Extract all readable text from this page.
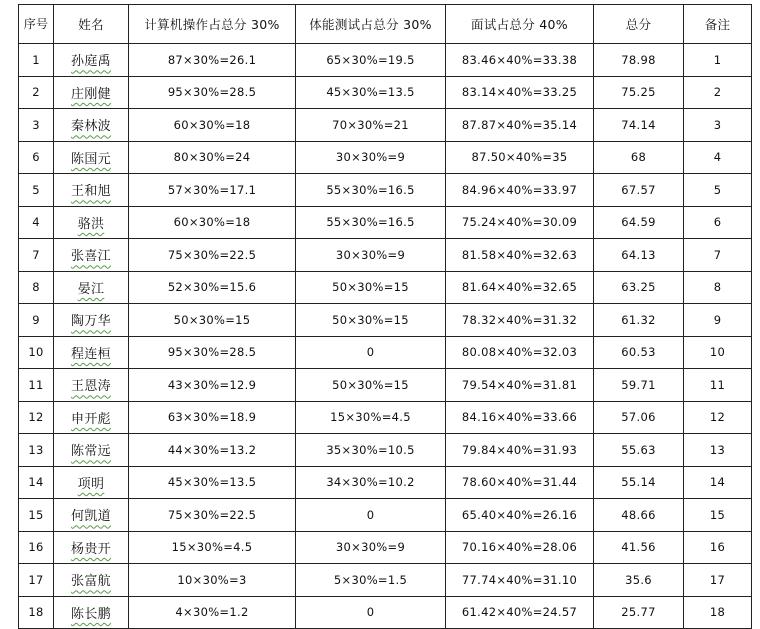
序号	姓名	计算机操作占总分 30%	体能测试占总分 30%	面试占总分 40%	总分	备注
1	孙庭禹	87×30%=26.1	65×30%=19.5	83.46×40%=33.38	78.98	1
2	庄刚健	95×30%=28.5	45×30%=13.5	83.14×40%=33.25	75.25	2
3	秦林波	60×30%=18	70×30%=21	87.87×40%=35.14	74.14	3
6	陈国元	80×30%=24	30×30%=9	87.50×40%=35	68	4
5	王和旭	57×30%=17.1	55×30%=16.5	84.96×40%=33.97	67.57	5
4	骆洪	60×30%=18	55×30%=16.5	75.24×40%=30.09	64.59	6
7	张喜江	75×30%=22.5	30×30%=9	81.58×40%=32.63	64.13	7
8	晏江	52×30%=15.6	50×30%=15	81.64×40%=32.65	63.25	8
9	陶万华	50×30%=15	50×30%=15	78.32×40%=31.32	61.32	9
10	程连桓	95×30%=28.5	0	80.08×40%=32.03	60.53	10
11	王恩涛	43×30%=12.9	50×30%=15	79.54×40%=31.81	59.71	11
12	申开彪	63×30%=18.9	15×30%=4.5	84.16×40%=33.66	57.06	12
13	陈常远	44×30%=13.2	35×30%=10.5	79.84×40%=31.93	55.63	13
14	项明	45×30%=13.5	34×30%=10.2	78.60×40%=31.44	55.14	14
15	何凯道	75×30%=22.5	0	65.40×40%=26.16	48.66	15
16	杨贵开	15×30%=4.5	30×30%=9	70.16×40%=28.06	41.56	16
17	张富航	10×30%=3	5×30%=1.5	77.74×40%=31.10	35.6	17
18	陈长鹏	4×30%=1.2	0	61.42×40%=24.57	25.77	18
